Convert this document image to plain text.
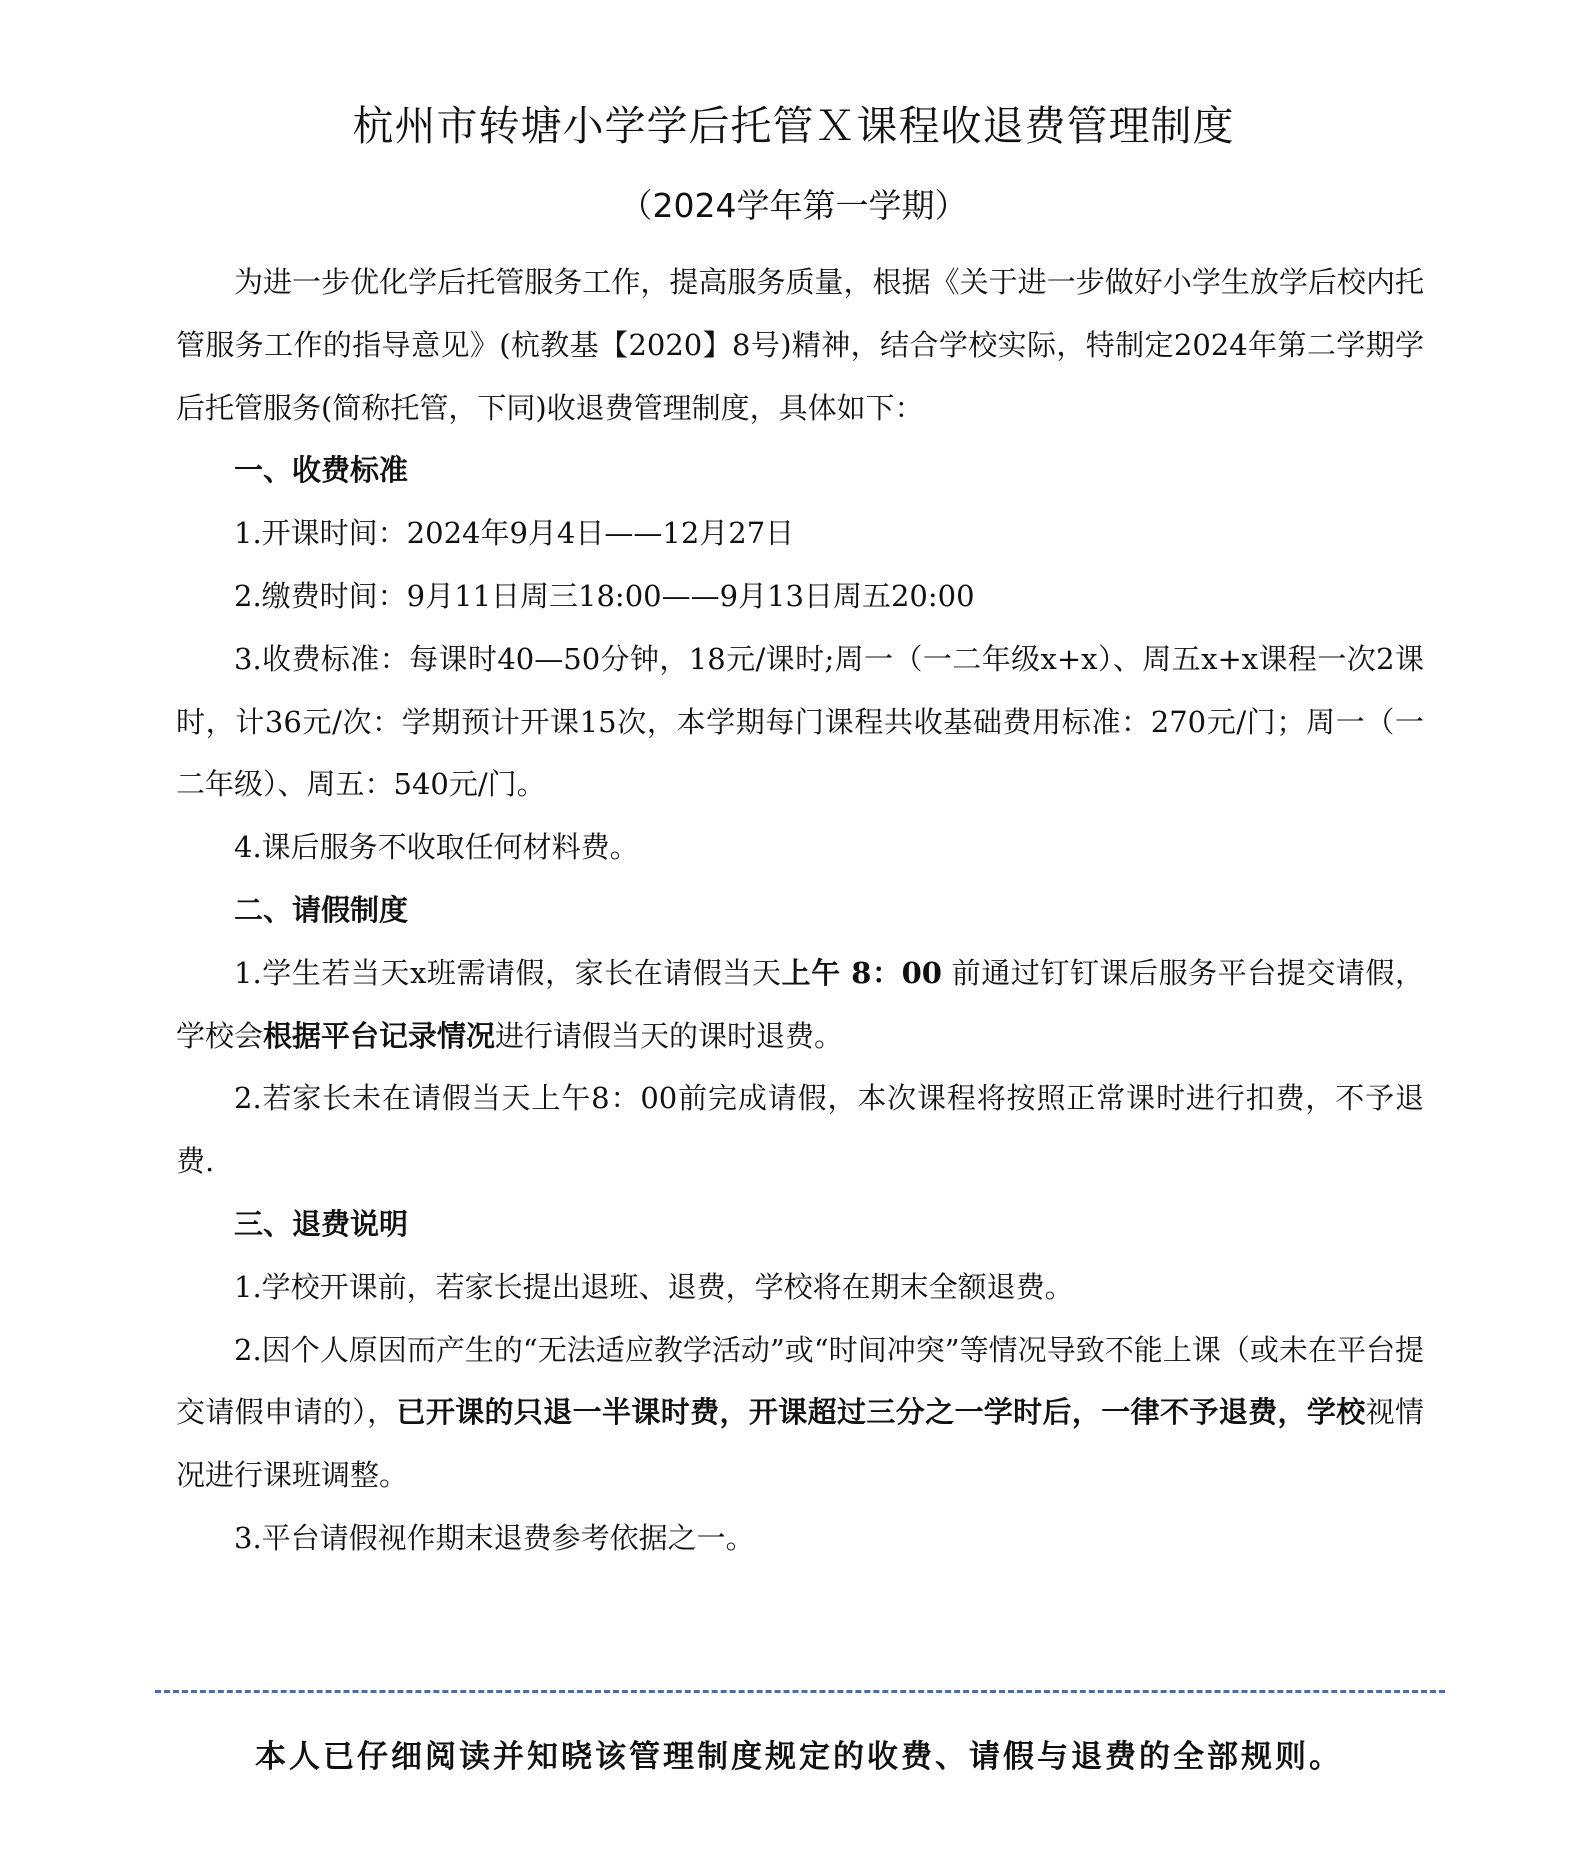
杭州市转塘小学学后托管Ｘ课程收退费管理制度
（2024学年第一学期）

为进一步优化学后托管服务工作，提高服务质量，根据《关于进一步做好小学生放学后校内托管服务工作的指导意见》(杭教基【2020】8号)精神，结合学校实际，特制定2024年第二学期学后托管服务(简称托管，下同)收退费管理制度，具体如下：

一、收费标准

1.开课时间：2024年9月4日——12月27日

2.缴费时间：9月11日周三18:00——9月13日周五20:00

3.收费标准：每课时40—50分钟，18元/课时;周一（一二年级x+x）、周五x+x课程一次2课时，计36元/次：学期预计开课15次，本学期每门课程共收基础费用标准：270元/门；周一（一二年级）、周五：540元/门。

4.课后服务不收取任何材料费。

二、请假制度

1.学生若当天x班需请假，家长在请假当天上午 8：00 前通过钉钉课后服务平台提交请假，学校会根据平台记录情况进行请假当天的课时退费。

2.若家长未在请假当天上午8：00前完成请假，本次课程将按照正常课时进行扣费，不予退费.

三、退费说明

1.学校开课前，若家长提出退班、退费，学校将在期末全额退费。

2.因个人原因而产生的“无法适应教学活动”或“时间冲突”等情况导致不能上课（或未在平台提交请假申请的），已开课的只退一半课时费，开课超过三分之一学时后，一律不予退费，学校视情况进行课班调整。

3.平台请假视作期末退费参考依据之一。

本人已仔细阅读并知晓该管理制度规定的收费、请假与退费的全部规则。
